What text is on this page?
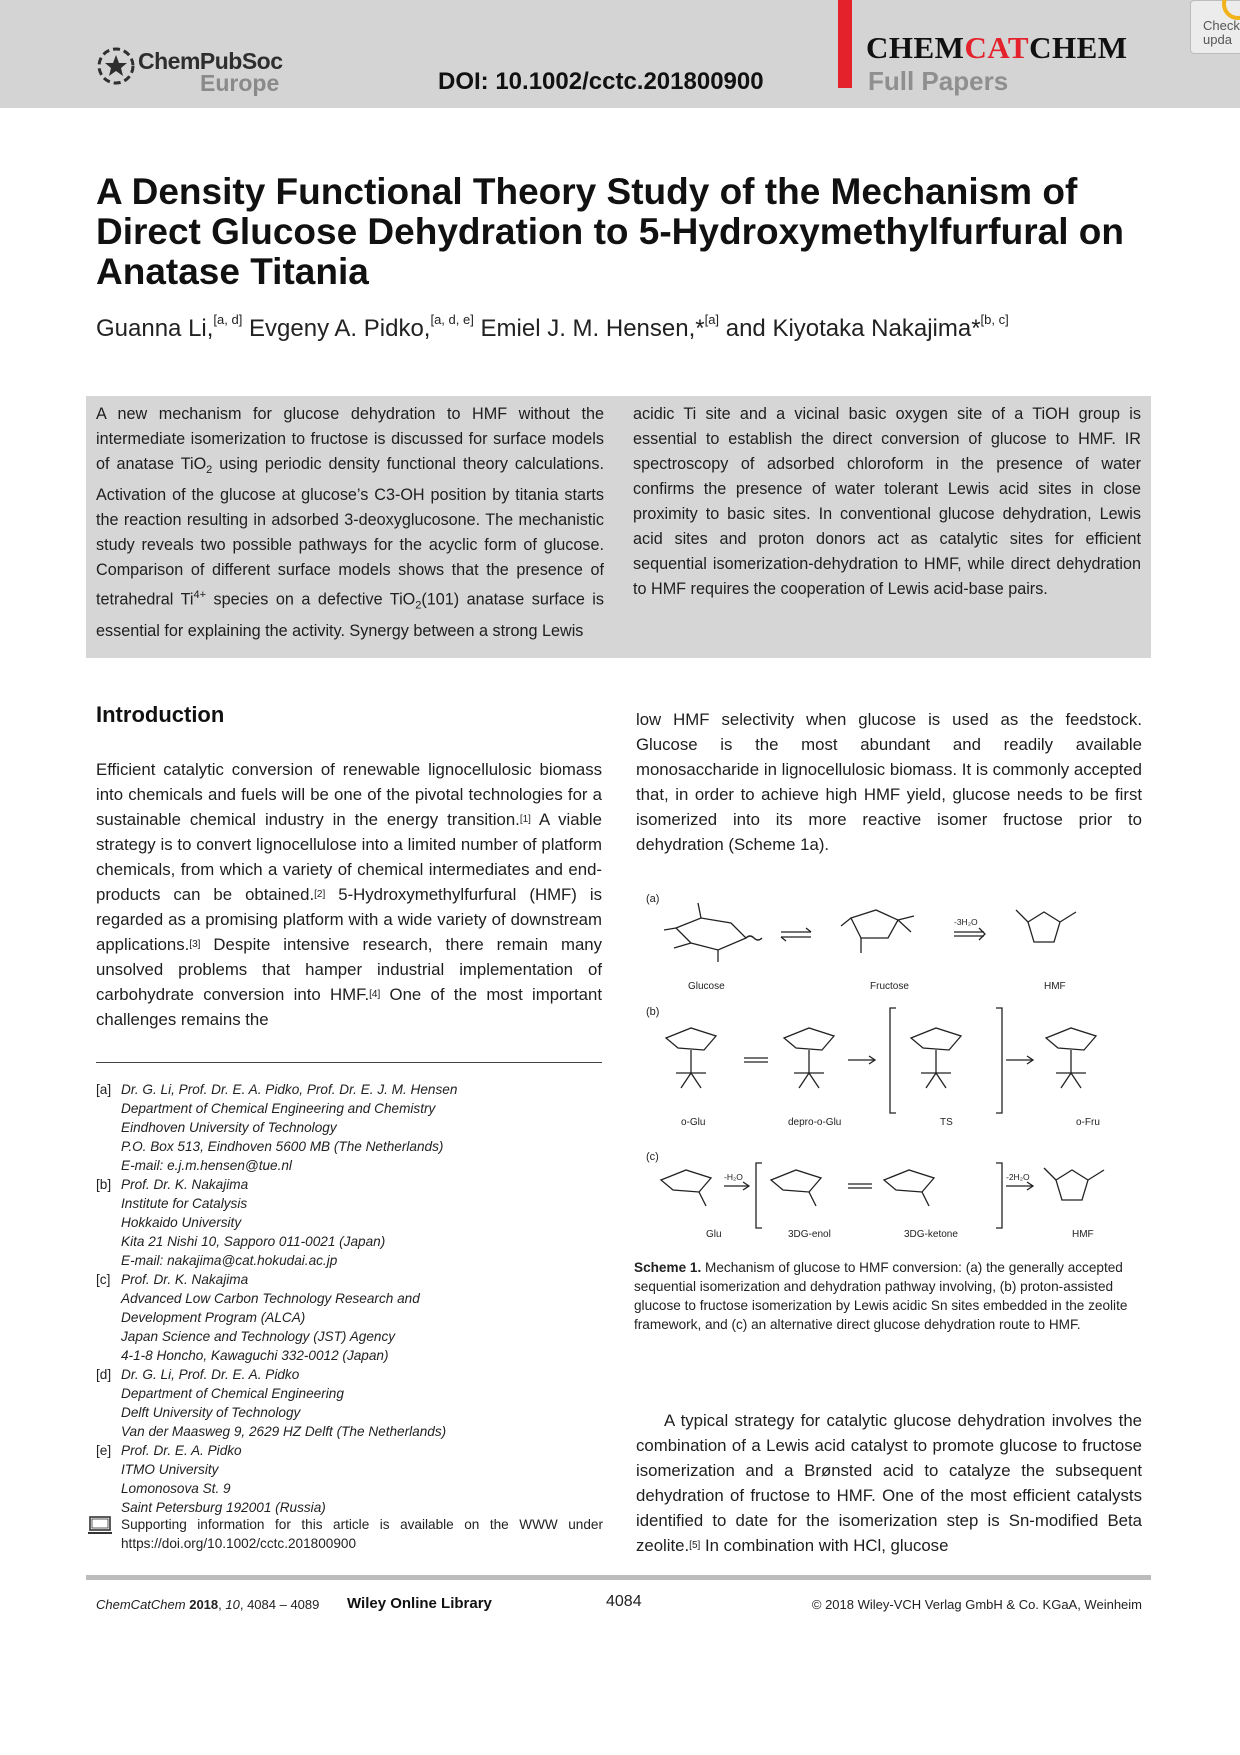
ChemPubSoc
Europe	DOI: 10.1002/cctc.201800900
CHEMCATCHEM
Full Papers
Check upda
A Density Functional Theory Study of the Mechanism of Direct Glucose Dehydration to 5-Hydroxymethylfurfural on Anatase Titania
Guanna Li,[a, d] Evgeny A. Pidko,[a, d, e] Emiel J. M. Hensen,*[a] and Kiyotaka Nakajima*[b, c]
A new mechanism for glucose dehydration to HMF without the intermediate isomerization to fructose is discussed for surface models of anatase TiO$_2$ using periodic density functional theory calculations. Activation of the glucose at glucose’s C3-OH position by titania starts the reaction resulting in adsorbed 3-deoxyglucosone. The mechanistic study reveals two possible pathways for the acyclic form of glucose. Comparison of different surface models shows that the presence of tetrahedral $Ti^{4+}$ species on a defective TiO$_2$(101) anatase surface is essential for explaining the activity. Synergy between a strong Lewis
acidic Ti site and a vicinal basic oxygen site of a TiOH group is essential to establish the direct conversion of glucose to HMF. IR spectroscopy of adsorbed chloroform in the presence of water confirms the presence of water tolerant Lewis acid sites in close proximity to basic sites. In conventional glucose dehydration, Lewis acid sites and proton donors act as catalytic sites for efficient sequential isomerization-dehydration to HMF, while direct dehydration to HMF requires the cooperation of Lewis acid-base pairs.
Introduction
Efficient catalytic conversion of renewable lignocellulosic biomass into chemicals and fuels will be one of the pivotal technologies for a sustainable chemical industry in the energy transition.[1] A viable strategy is to convert lignocellulose into a limited number of platform chemicals, from which a variety of chemical intermediates and end-products can be obtained.[2] 5-Hydroxymethylfurfural (HMF) is regarded as a promising platform with a wide variety of downstream applications.[3] Despite intensive research, there remain many unsolved problems that hamper industrial implementation of carbohydrate conversion into HMF.[4] One of the most important challenges remains the
low HMF selectivity when glucose is used as the feedstock. Glucose is the most abundant and readily available monosaccharide in lignocellulosic biomass. It is commonly accepted that, in order to achieve high HMF yield, glucose needs to be first isomerized into its more reactive isomer fructose prior to dehydration (Scheme 1a).
[a] Dr. G. Li, Prof. Dr. E. A. Pidko, Prof. Dr. E. J. M. Hensen
Department of Chemical Engineering and Chemistry
Eindhoven University of Technology
P.O. Box 513, Eindhoven 5600 MB (The Netherlands)
E-mail: e.j.m.hensen@tue.nl
[b] Prof. Dr. K. Nakajima
Institute for Catalysis
Hokkaido University
Kita 21 Nishi 10, Sapporo 011-0021 (Japan)
E-mail: nakajima@cat.hokudai.ac.jp
[c] Prof. Dr. K. Nakajima
Advanced Low Carbon Technology Research and
Development Program (ALCA)
Japan Science and Technology (JST) Agency
4-1-8 Honcho, Kawaguchi 332-0012 (Japan)
[d] Dr. G. Li, Prof. Dr. E. A. Pidko
Department of Chemical Engineering
Delft University of Technology
Van der Maasweg 9, 2629 HZ Delft (The Netherlands)
[e] Prof. Dr. E. A. Pidko
ITMO University
Lomonosova St. 9
Saint Petersburg 192001 (Russia)
Supporting information for this article is available on the WWW under https://doi.org/10.1002/cctc.201800900
(a)
(b)
(c)
Glucose	Fructose
-3H₂O
HMF
o-Glu	depro-o-Glu	TS	o-Fru
Glu
-H₂O
3DG-enol	3DG-ketone
-2H₂O
HMF
Scheme 1. Mechanism of glucose to HMF conversion: (a) the generally accepted sequential isomerization and dehydration pathway involving, (b) proton-assisted glucose to fructose isomerization by Lewis acidic Sn sites embedded in the zeolite framework, and (c) an alternative direct glucose dehydration route to HMF.

A typical strategy for catalytic glucose dehydration involves the combination of a Lewis acid catalyst to promote glucose to fructose isomerization and a Brønsted acid to catalyze the subsequent dehydration of fructose to HMF. One of the most efficient catalysts identified to date for the isomerization step is Sn-modified Beta zeolite.[5] In combination with HCl, glucose

ChemCatChem 2018, 10, 4084 – 4089 Wiley Online Library	4084	© 2018 Wiley-VCH Verlag GmbH & Co. KGaA, Weinheim
